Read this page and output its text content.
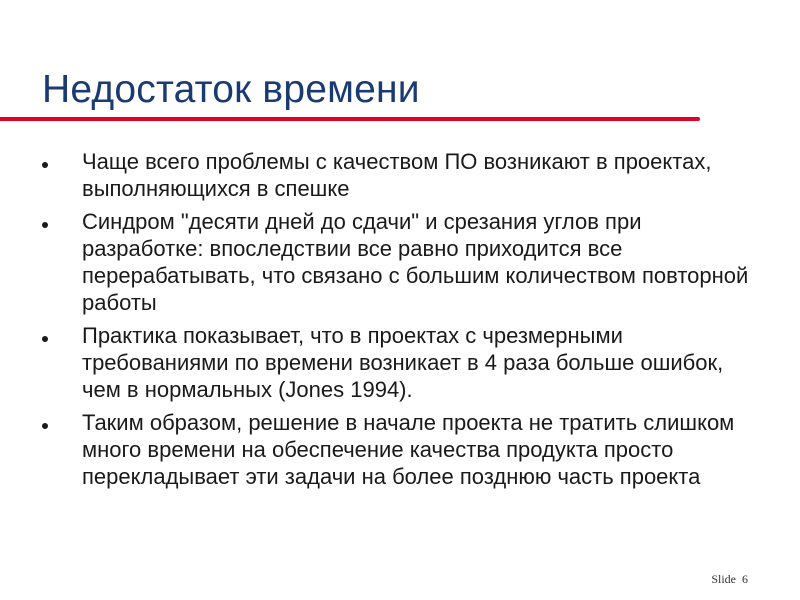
Недостаток времени
Чаще всего проблемы с качеством ПО возникают в проектах, выполняющихся в спешке
Синдром "десяти дней до сдачи" и срезания углов при разработке: впоследствии все равно приходится все перерабатывать, что связано с большим количеством повторной работы
Практика показывает, что в проектах с чрезмерными требованиями по времени возникает в 4 раза больше ошибок, чем в нормальных (Jones 1994).
Таким образом, решение в начале проекта не тратить слишком много времени на обеспечение качества продукта просто перекладывает эти задачи на более позднюю часть проекта
Slide 6
